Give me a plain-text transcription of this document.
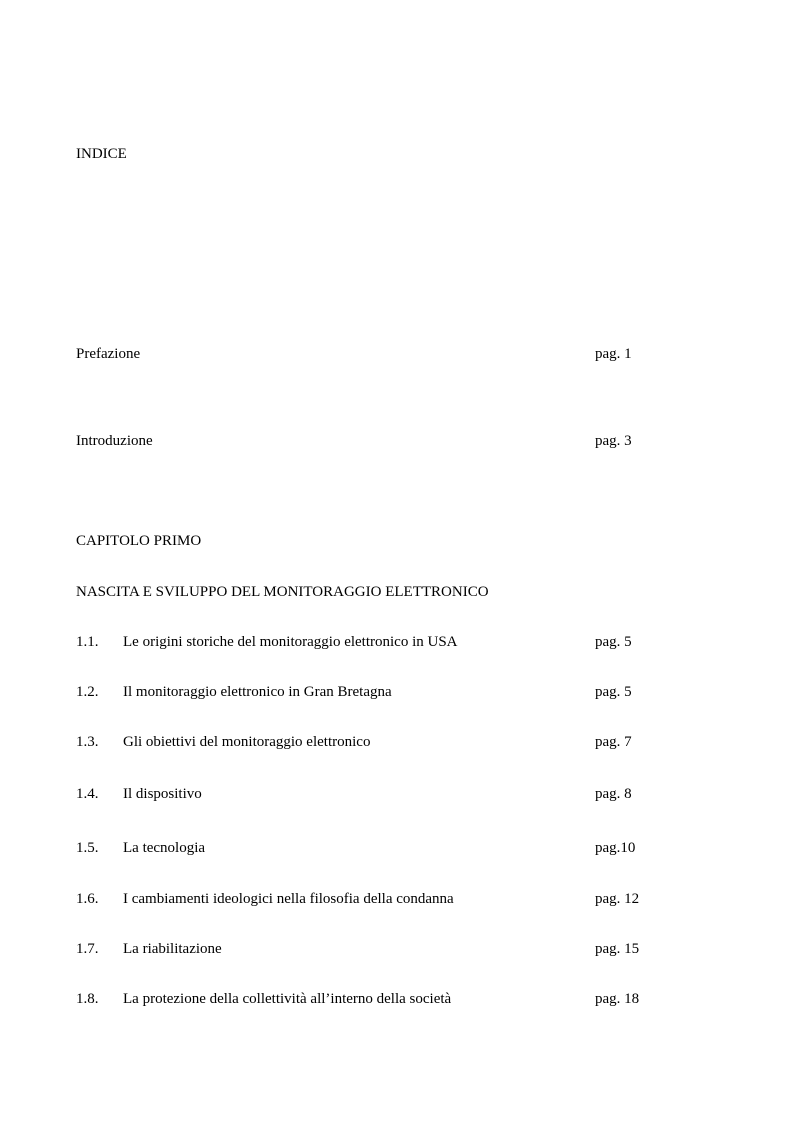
INDICE
Prefazione	pag. 1
Introduzione	pag. 3
CAPITOLO PRIMO
NASCITA E SVILUPPO DEL MONITORAGGIO ELETTRONICO
1.1. Le origini storiche del monitoraggio elettronico in USA	pag. 5
1.2. Il monitoraggio elettronico in Gran Bretagna	pag. 5
1.3. Gli obiettivi del monitoraggio elettronico	pag. 7
1.4. Il dispositivo	pag. 8
1.5. La tecnologia	pag.10
1.6. I cambiamenti ideologici nella filosofia della condanna	pag. 12
1.7. La riabilitazione	pag. 15
1.8. La protezione della collettività all’interno della società	pag. 18
